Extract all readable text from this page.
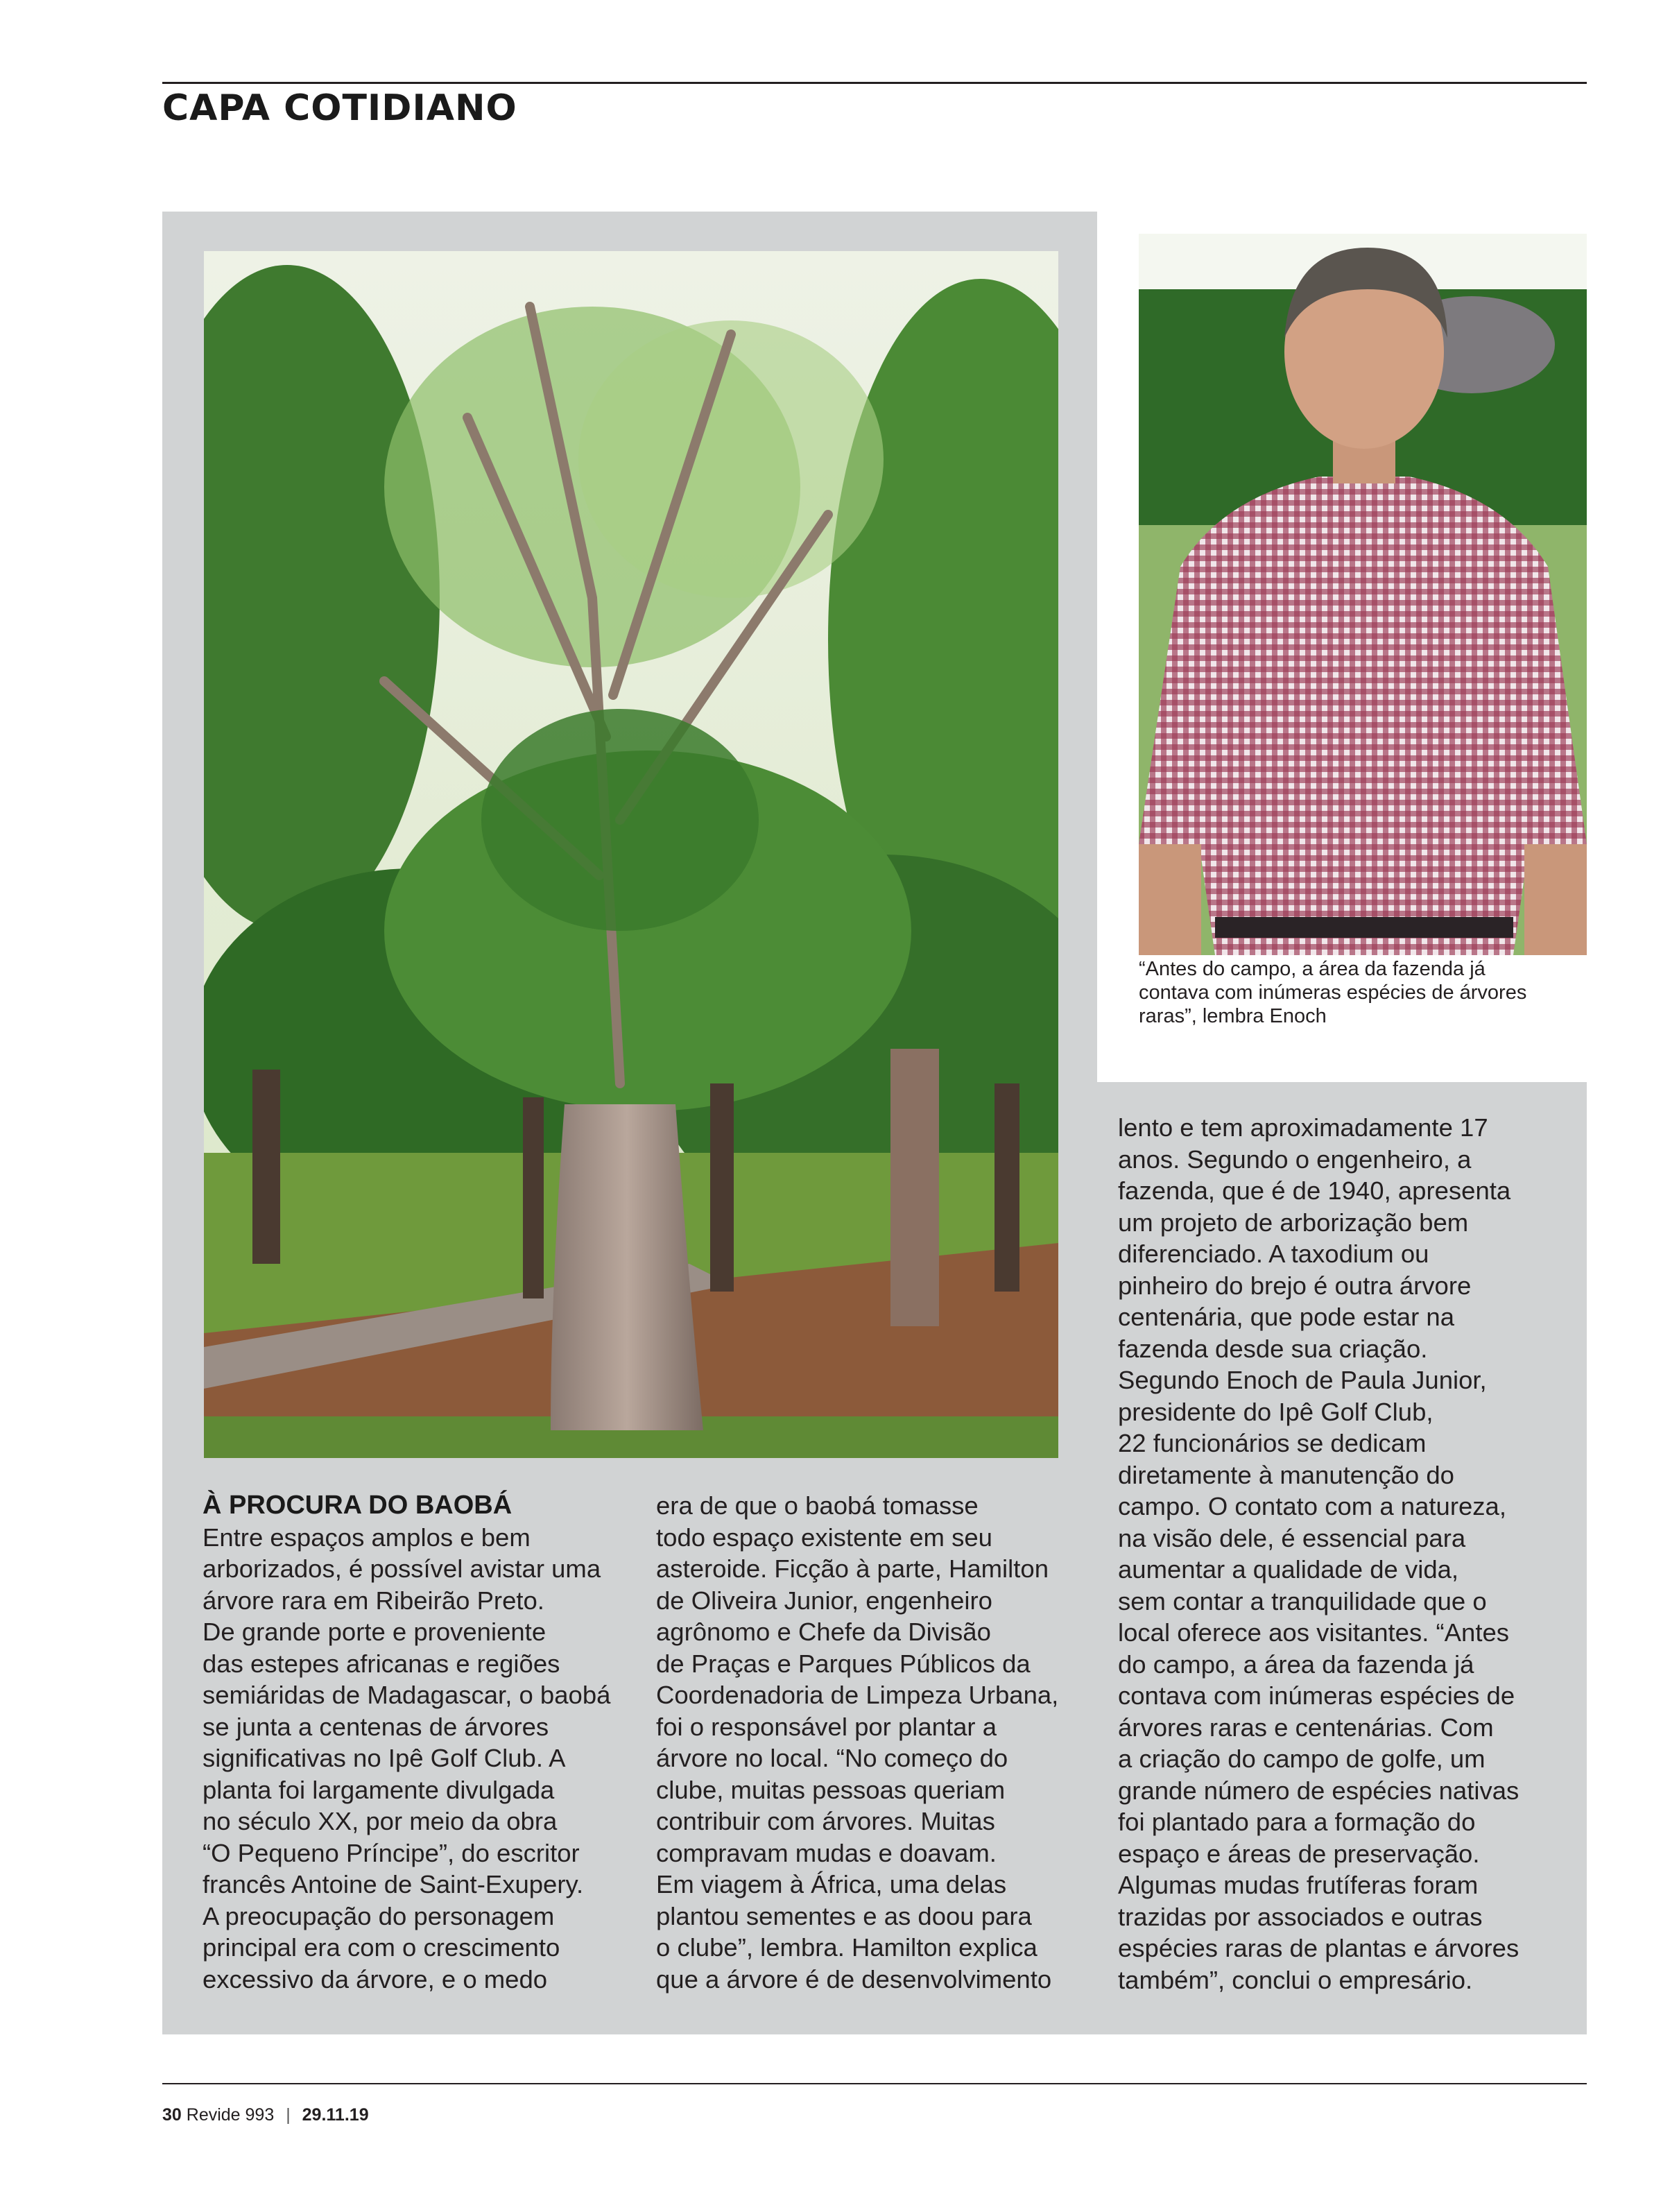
CAPA COTIDIANO

“Antes do campo, a área da fazenda já contava com inúmeras espécies de árvores raras”, lembra Enoch

À PROCURA DO BAOBÁ

Entre espaços amplos e bem
arborizados, é possível avistar uma
árvore rara em Ribeirão Preto.
De grande porte e proveniente
das estepes africanas e regiões
semiáridas de Madagascar, o baobá
se junta a centenas de árvores
significativas no Ipê Golf Club. A
planta foi largamente divulgada
no século XX, por meio da obra
“O Pequeno Príncipe”, do escritor
francês Antoine de Saint-Exupery.
A preocupação do personagem
principal era com o crescimento
excessivo da árvore, e o medo

era de que o baobá tomasse
todo espaço existente em seu
asteroide. Ficção à parte, Hamilton
de Oliveira Junior, engenheiro
agrônomo e Chefe da Divisão
de Praças e Parques Públicos da
Coordenadoria de Limpeza Urbana,
foi o responsável por plantar a
árvore no local. “No começo do
clube, muitas pessoas queriam
contribuir com árvores. Muitas
compravam mudas e doavam.
Em viagem à África, uma delas
plantou sementes e as doou para
o clube”, lembra. Hamilton explica
que a árvore é de desenvolvimento

lento e tem aproximadamente 17
anos. Segundo o engenheiro, a
fazenda, que é de 1940, apresenta
um projeto de arborização bem
diferenciado. A taxodium ou
pinheiro do brejo é outra árvore
centenária, que pode estar na
fazenda desde sua criação.
Segundo Enoch de Paula Junior,
presidente do Ipê Golf Club,
22 funcionários se dedicam
diretamente à manutenção do
campo. O contato com a natureza,
na visão dele, é essencial para
aumentar a qualidade de vida,
sem contar a tranquilidade que o
local oferece aos visitantes. “Antes
do campo, a área da fazenda já
contava com inúmeras espécies de
árvores raras e centenárias. Com
a criação do campo de golfe, um
grande número de espécies nativas
foi plantado para a formação do
espaço e áreas de preservação.
Algumas mudas frutíferas foram
trazidas por associados e outras
espécies raras de plantas e árvores
também”, conclui o empresário.

30 Revide 993 | 29.11.19
